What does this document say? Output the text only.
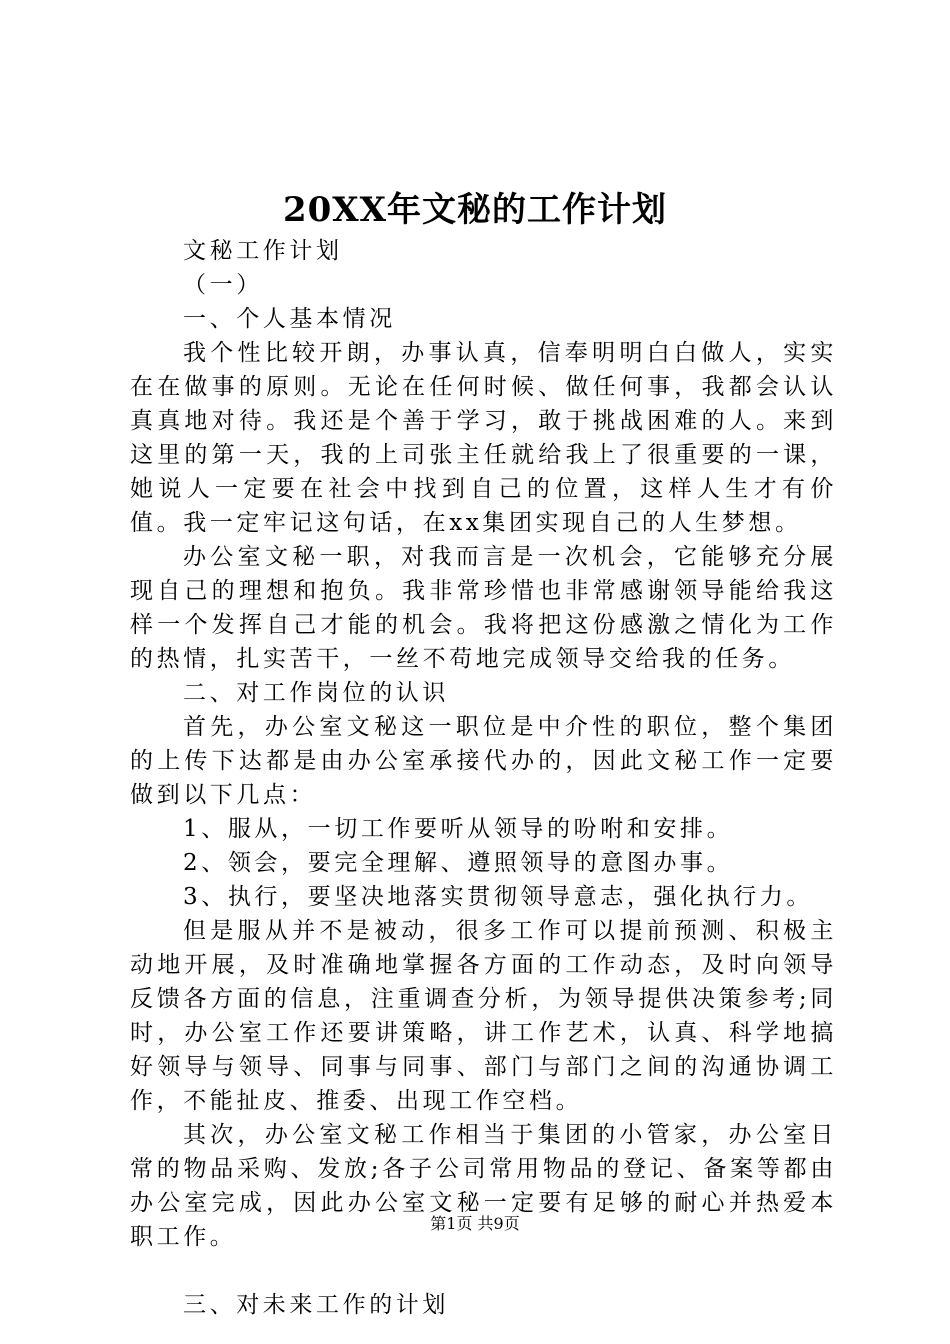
20XX年文秘的工作计划

文秘工作计划

（一）

一、个人基本情况

我个性比较开朗，办事认真，信奉明明白白做人，实实在在做事的原则。无论在任何时候、做任何事，我都会认认真真地对待。我还是个善于学习，敢于挑战困难的人。来到这里的第一天，我的上司张主任就给我上了很重要的一课，她说人一定要在社会中找到自己的位置，这样人生才有价值。我一定牢记这句话，在xx集团实现自己的人生梦想。

办公室文秘一职，对我而言是一次机会，它能够充分展现自己的理想和抱负。我非常珍惜也非常感谢领导能给我这样一个发挥自己才能的机会。我将把这份感激之情化为工作的热情，扎实苦干，一丝不苟地完成领导交给我的任务。

二、对工作岗位的认识

首先，办公室文秘这一职位是中介性的职位，整个集团的上传下达都是由办公室承接代办的，因此文秘工作一定要做到以下几点：

1、服从，一切工作要听从领导的吩咐和安排。

2、领会，要完全理解、遵照领导的意图办事。

3、执行，要坚决地落实贯彻领导意志，强化执行力。

但是服从并不是被动，很多工作可以提前预测、积极主动地开展，及时准确地掌握各方面的工作动态，及时向领导反馈各方面的信息，注重调查分析，为领导提供决策参考;同时，办公室工作还要讲策略，讲工作艺术，认真、科学地搞好领导与领导、同事与同事、部门与部门之间的沟通协调工作，不能扯皮、推委、出现工作空档。

其次，办公室文秘工作相当于集团的小管家，办公室日常的物品采购、发放;各子公司常用物品的登记、备案等都由办公室完成，因此办公室文秘一定要有足够的耐心并热爱本职工作。

三、对未来工作的计划

第1页 共9页
